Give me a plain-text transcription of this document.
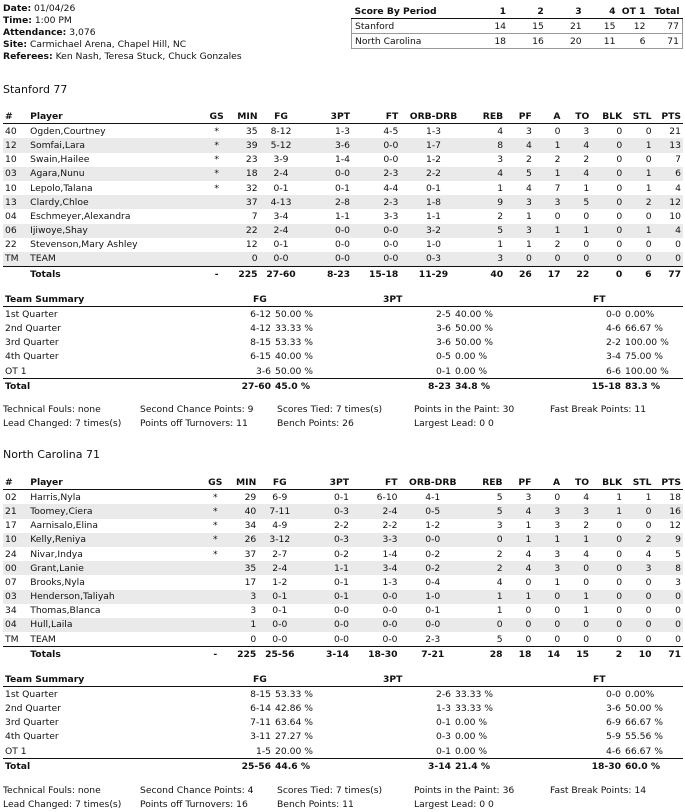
Date: 01/04/26
Time: 1:00 PM
Attendance: 3,076
Site: Carmichael Arena, Chapel Hill, NC
Referees: Ken Nash, Teresa Stuck, Chuck Gonzales
Score By Period	1	2	3	4	OT 1	Total
Stanford	14	15	21	15	12	77
North Carolina	18	16	20	11	6	71
Stanford 77
#	Player	GS	MIN	FG	3PT	FT	ORB-DRB	REB	PF	A	TO	BLK	STL	PTS
40	Ogden,Courtney	*	35	8-12	1-3	4-5	1-3	4	3	0	3	0	0	21
12	Somfai,Lara	*	39	5-12	3-6	0-0	1-7	8	4	1	4	0	1	13
10	Swain,Hailee	*	23	3-9	1-4	0-0	1-2	3	2	2	2	0	0	7
03	Agara,Nunu	*	18	2-4	0-0	2-3	2-2	4	5	1	4	0	1	6
10	Lepolo,Talana	*	32	0-1	0-1	4-4	0-1	1	4	7	1	0	1	4
13	Clardy,Chloe		37	4-13	2-8	2-3	1-8	9	3	3	5	0	2	12
04	Eschmeyer,Alexandra		7	3-4	1-1	3-3	1-1	2	1	0	0	0	0	10
06	Ijiwoye,Shay		22	2-4	0-0	0-0	3-2	5	3	1	1	0	1	4
22	Stevenson,Mary Ashley		12	0-1	0-0	0-0	1-0	1	1	2	0	0	0	0
TM	TEAM		0	0-0	0-0	0-0	0-3	3	0	0	0	0	0	0
	Totals	-	225	27-60	8-23	15-18	11-29	40	26	17	22	0	6	77
Team Summary	FG		3PT		FT	
1st Quarter	6-12	50.00 %	2-5	40.00 %	0-0	0.00%
2nd Quarter	4-12	33.33 %	3-6	50.00 %	4-6	66.67 %
3rd Quarter	8-15	53.33 %	3-6	50.00 %	2-2	100.00 %
4th Quarter	6-15	40.00 %	0-5	0.00 %	3-4	75.00 %
OT 1	3-6	50.00 %	0-1	0.00 %	6-6	100.00 %
Total	27-60	45.0 %	8-23	34.8 %	15-18	83.3 %
Technical Fouls: none	Second Chance Points: 9	Scores Tied: 7 times(s)	Points in the Paint: 30	Fast Break Points: 11
Lead Changed: 7 times(s) Points off Turnovers: 11	Bench Points: 26	Largest Lead: 0 0
North Carolina 71
#	Player	GS	MIN	FG	3PT	FT	ORB-DRB	REB	PF	A	TO	BLK	STL	PTS
02	Harris,Nyla	*	29	6-9	0-1	6-10	4-1	5	3	0	4	1	1	18
21	Toomey,Ciera	*	40	7-11	0-3	2-4	0-5	5	4	3	3	1	0	16
17	Aarnisalo,Elina	*	34	4-9	2-2	2-2	1-2	3	1	3	2	0	0	12
10	Kelly,Reniya	*	26	3-12	0-3	3-3	0-0	0	1	1	1	0	2	9
24	Nivar,Indya	*	37	2-7	0-2	1-4	0-2	2	4	3	4	0	4	5
00	Grant,Lanie		35	2-4	1-1	3-4	0-2	2	4	3	0	0	3	8
07	Brooks,Nyla		17	1-2	0-1	1-3	0-4	4	0	1	0	0	0	3
03	Henderson,Taliyah		3	0-1	0-1	0-0	1-0	1	1	0	1	0	0	0
34	Thomas,Blanca		3	0-1	0-0	0-0	0-1	1	0	0	1	0	0	0
04	Hull,Laila		1	0-0	0-0	0-0	0-0	0	0	0	0	0	0	0
TM	TEAM		0	0-0	0-0	0-0	2-3	5	0	0	0	0	0	0
	Totals	-	225	25-56	3-14	18-30	7-21	28	18	14	15	2	10	71
Team Summary	FG		3PT		FT	
1st Quarter	8-15	53.33 %	2-6	33.33 %	0-0	0.00%
2nd Quarter	6-14	42.86 %	1-3	33.33 %	3-6	50.00 %
3rd Quarter	7-11	63.64 %	0-1	0.00 %	6-9	66.67 %
4th Quarter	3-11	27.27 %	0-3	0.00 %	5-9	55.56 %
OT 1	1-5	20.00 %	0-1	0.00 %	4-6	66.67 %
Total	25-56	44.6 %	3-14	21.4 %	18-30	60.0 %
Technical Fouls: none	Second Chance Points: 4	Scores Tied: 7 times(s)	Points in the Paint: 36	Fast Break Points: 14
Lead Changed: 7 times(s) Points off Turnovers: 16	Bench Points: 11	Largest Lead: 0 0
